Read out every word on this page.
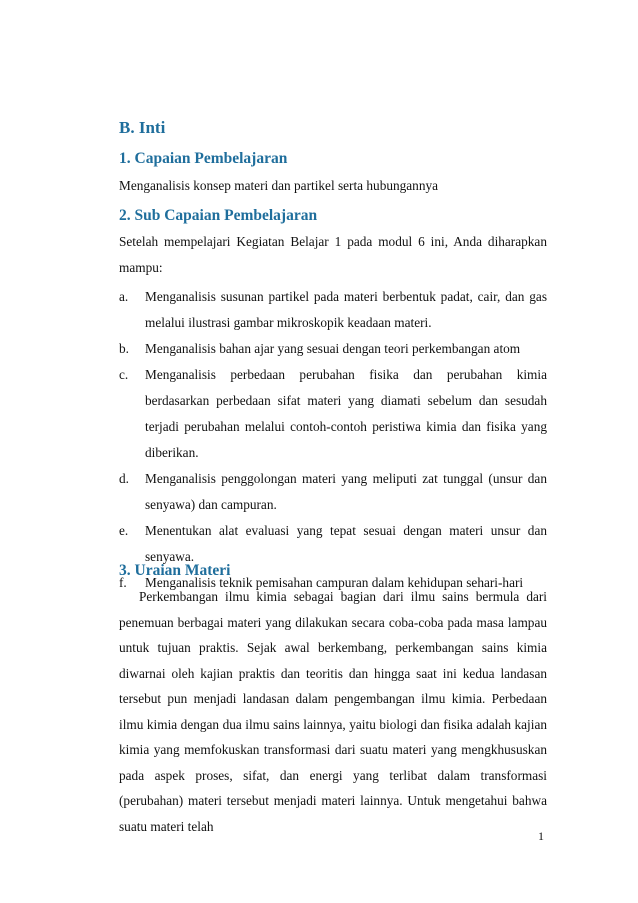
B. Inti
1. Capaian Pembelajaran

Menganalisis konsep materi dan partikel serta hubungannya

2. Sub Capaian Pembelajaran

Setelah mempelajari Kegiatan Belajar 1 pada modul 6 ini, Anda diharapkan mampu:

a.	Menganalisis susunan partikel pada materi berbentuk padat, cair, dan gas melalui ilustrasi gambar mikroskopik keadaan materi.
b.	Menganalisis bahan ajar yang sesuai dengan teori perkembangan atom
c.	Menganalisis perbedaan perubahan fisika dan perubahan kimia berdasarkan perbedaan sifat materi yang diamati sebelum dan sesudah terjadi perubahan melalui contoh-contoh peristiwa kimia dan fisika yang diberikan.
d.	Menganalisis penggolongan materi yang meliputi zat tunggal (unsur dan senyawa) dan campuran.
e.	Menentukan alat evaluasi yang tepat sesuai dengan materi unsur dan senyawa.
f.	Menganalisis teknik pemisahan campuran dalam kehidupan sehari-hari
3. Uraian Materi

Perkembangan ilmu kimia sebagai bagian dari ilmu sains bermula dari penemuan berbagai materi yang dilakukan secara coba-coba pada masa lampau untuk tujuan praktis. Sejak awal berkembang, perkembangan sains kimia diwarnai oleh kajian praktis dan teoritis dan hingga saat ini kedua landasan tersebut pun menjadi landasan dalam pengembangan ilmu kimia. Perbedaan ilmu kimia dengan dua ilmu sains lainnya, yaitu biologi dan fisika adalah kajian kimia yang memfokuskan transformasi dari suatu materi yang mengkhususkan pada aspek proses, sifat, dan energi yang terlibat dalam transformasi (perubahan) materi tersebut menjadi materi lainnya. Untuk mengetahui bahwa suatu materi telah

1
